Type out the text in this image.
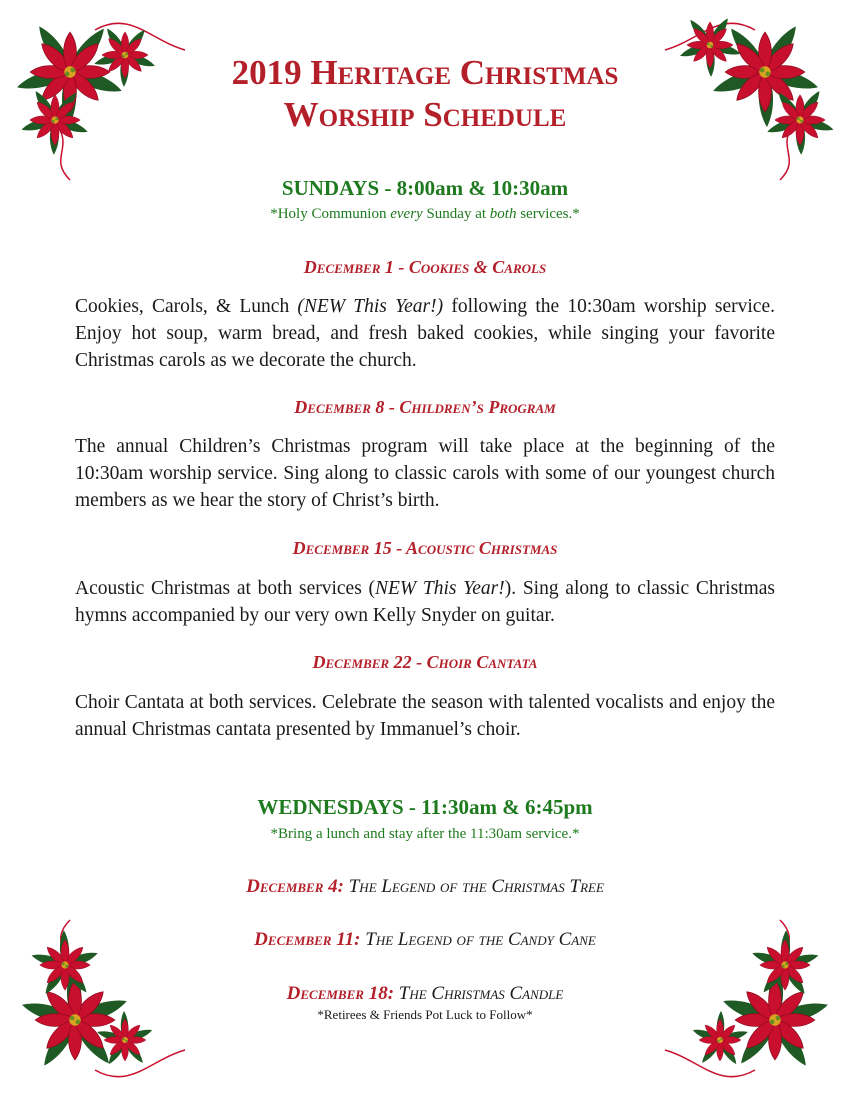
2019 Heritage Christmas
Worship Schedule
SUNDAYS - 8:00am & 10:30am
*Holy Communion every Sunday at both services.*
December 1 - Cookies & Carols
Cookies, Carols, & Lunch (NEW This Year!) following the 10:30am worship service. Enjoy hot soup, warm bread, and fresh baked cookies, while singing your favorite Christmas carols as we decorate the church.
December 8 - Children’s Program
The annual Children’s Christmas program will take place at the beginning of the 10:30am worship service. Sing along to classic carols with some of our youngest church members as we hear the story of Christ’s birth.
December 15 - Acoustic Christmas
Acoustic Christmas at both services (NEW This Year!). Sing along to classic Christmas hymns accompanied by our very own Kelly Snyder on guitar.
December 22 - Choir Cantata
Choir Cantata at both services. Celebrate the season with talented vocalists and enjoy the annual Christmas cantata presented by Immanuel’s choir.
WEDNESDAYS - 11:30am & 6:45pm
*Bring a lunch and stay after the 11:30am service.*
December 4: The Legend of the Christmas Tree
December 11: The Legend of the Candy Cane
December 18: The Christmas Candle
*Retirees & Friends Pot Luck to Follow*
